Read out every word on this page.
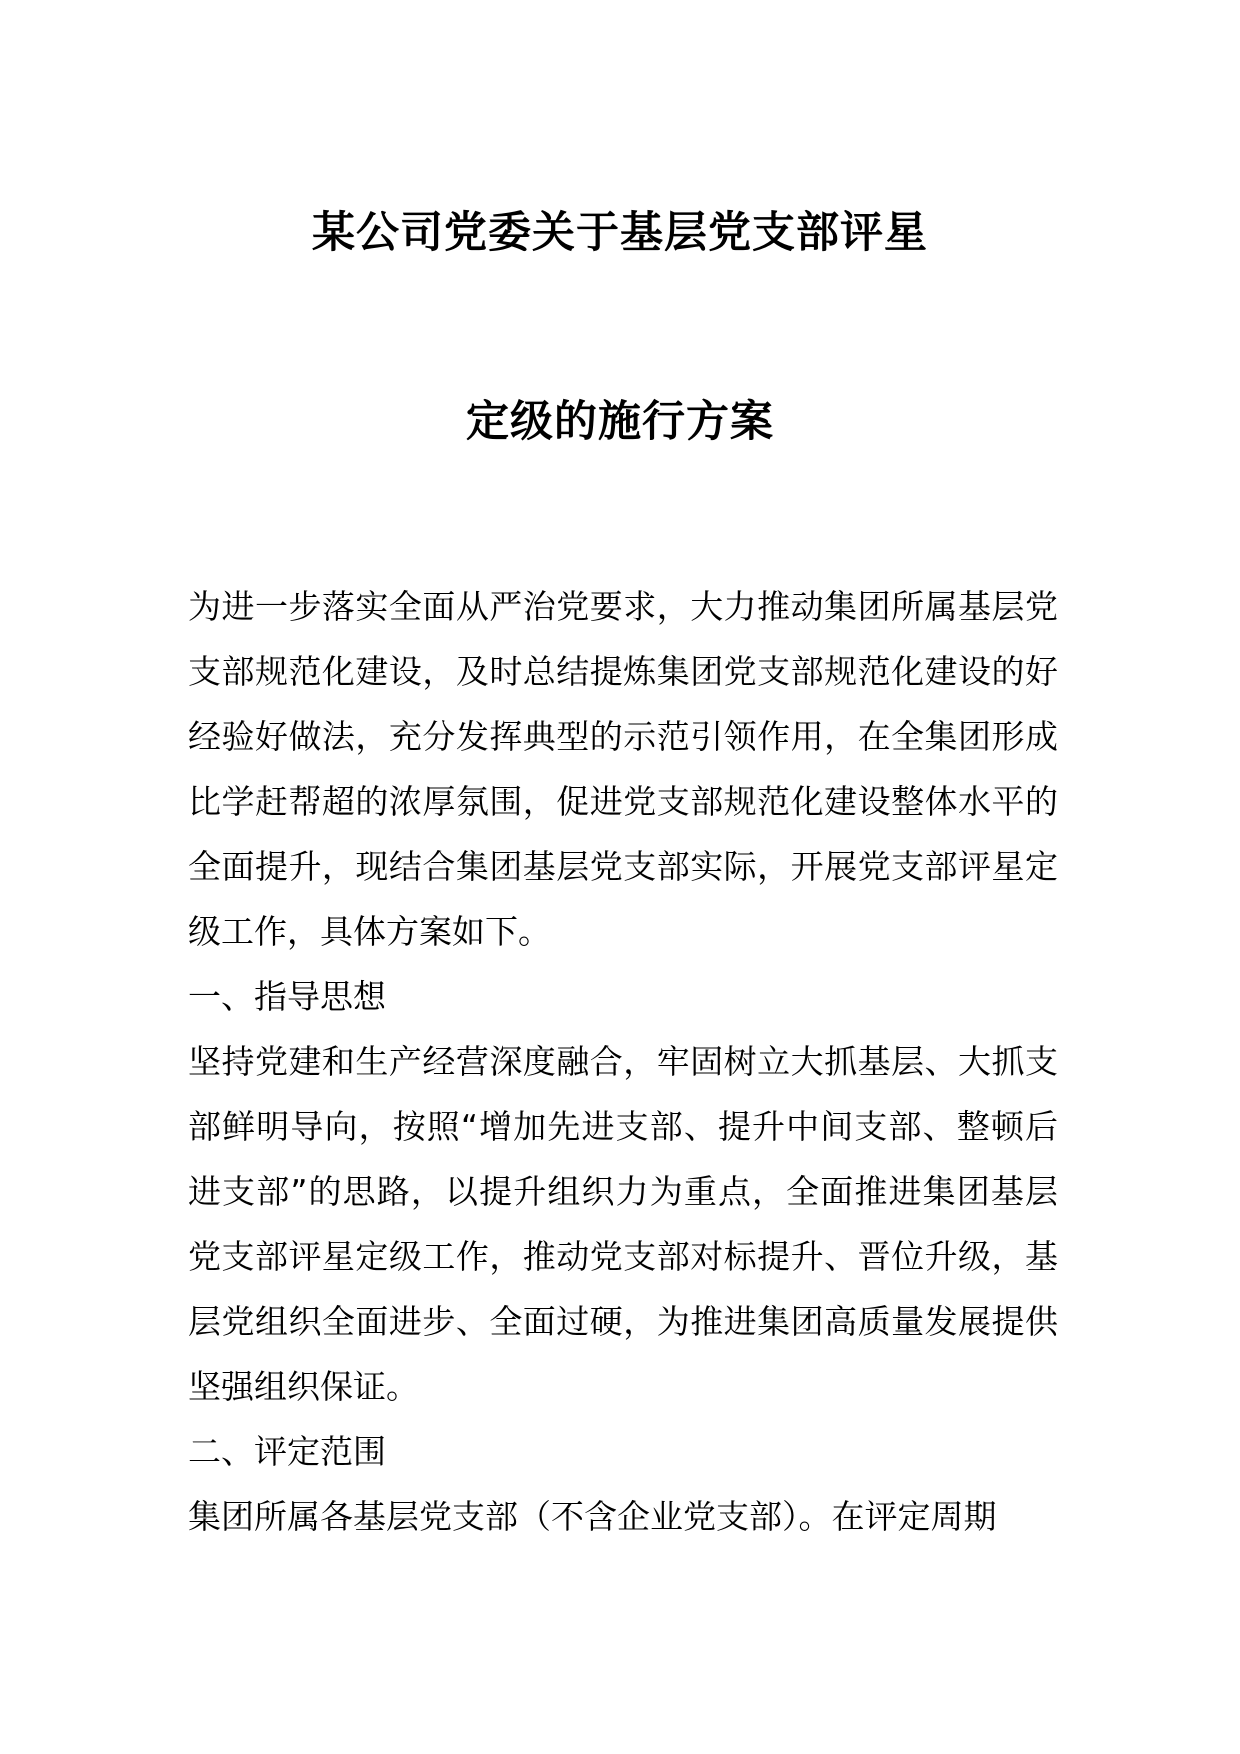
某公司党委关于基层党支部评星
定级的施行方案

为进一步落实全面从严治党要求，大力推动集团所属基层党支部规范化建设，及时总结提炼集团党支部规范化建设的好经验好做法，充分发挥典型的示范引领作用，在全集团形成比学赶帮超的浓厚氛围，促进党支部规范化建设整体水平的全面提升，现结合集团基层党支部实际，开展党支部评星定级工作，具体方案如下。

一、指导思想

坚持党建和生产经营深度融合，牢固树立大抓基层、大抓支部鲜明导向，按照“增加先进支部、提升中间支部、整顿后进支部”的思路，以提升组织力为重点，全面推进集团基层党支部评星定级工作，推动党支部对标提升、晋位升级，基层党组织全面进步、全面过硬，为推进集团高质量发展提供坚强组织保证。

二、评定范围

集团所属各基层党支部（不含企业党支部）。在评定周期
